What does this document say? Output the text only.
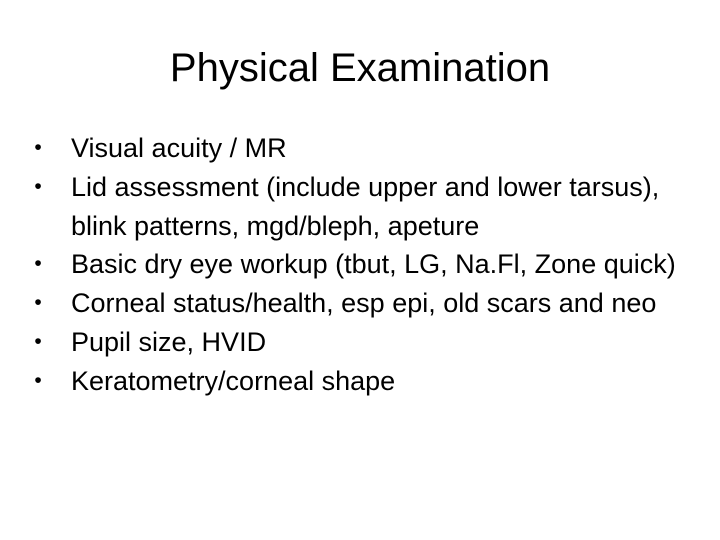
Physical Examination
• Visual acuity / MR
• Lid assessment (include upper and lower tarsus), blink patterns, mgd/bleph, apeture
• Basic dry eye workup (tbut, LG, Na.Fl, Zone quick)
• Corneal status/health, esp epi, old scars and neo
• Pupil size, HVID
• Keratometry/corneal shape
